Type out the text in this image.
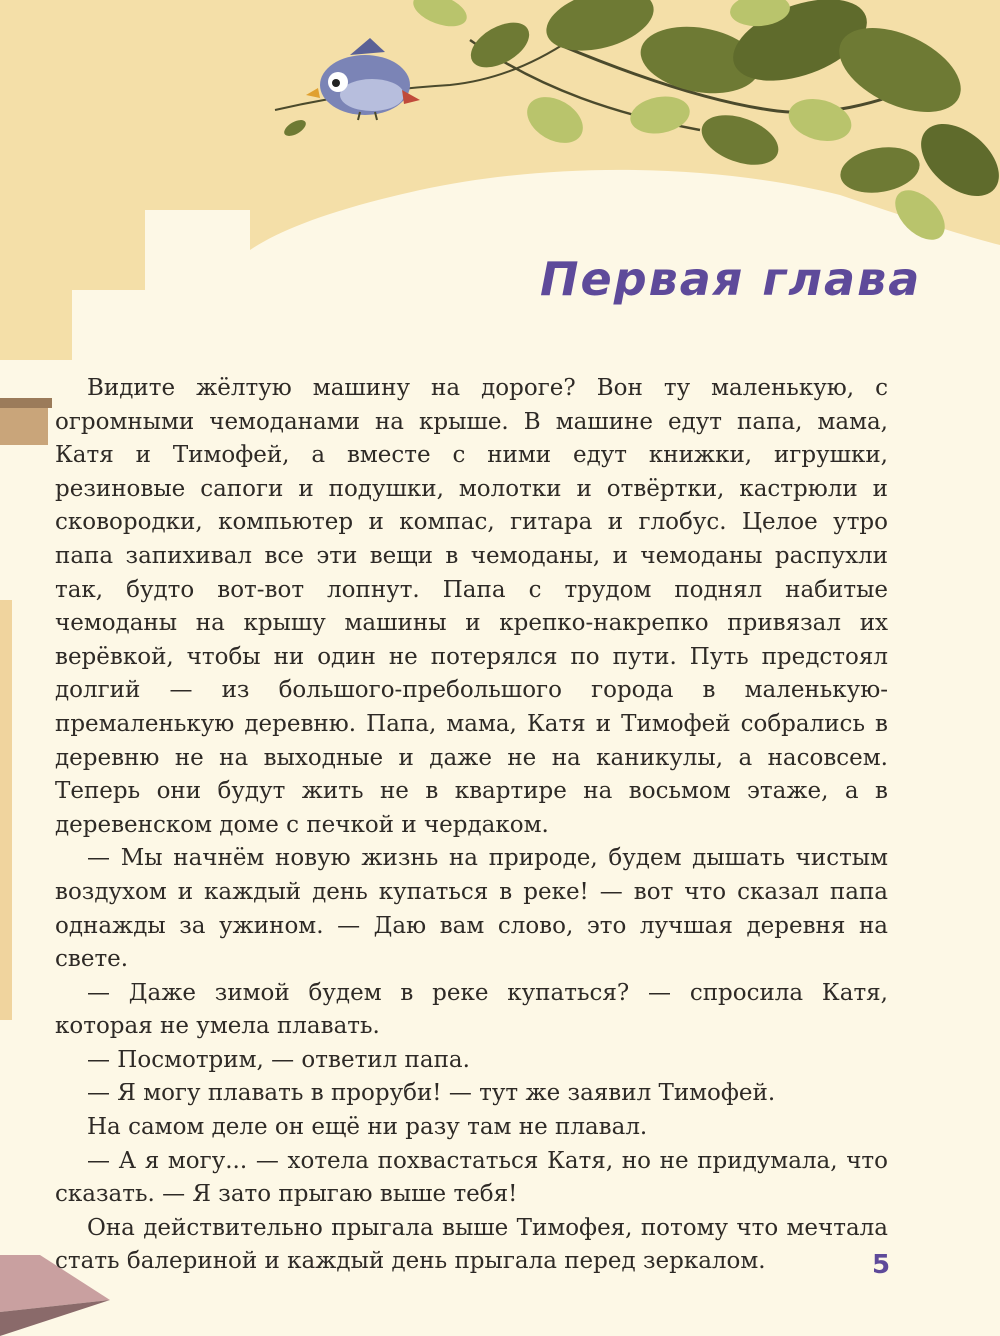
Первая глава

Видите жёлтую машину на дороге? Вон ту маленькую, с огромными чемоданами на крыше. В машине едут папа, мама, Катя и Тимофей, а вместе с ними едут книжки, игрушки, резиновые сапоги и подушки, молотки и отвёртки, кастрюли и сковородки, компьютер и компас, гитара и глобус. Целое утро папа запихивал все эти вещи в чемоданы, и чемоданы распухли так, будто вот-вот лопнут. Папа с трудом поднял набитые чемоданы на крышу машины и крепко-накрепко привязал их верёвкой, чтобы ни один не потерялся по пути. Путь предстоял долгий — из большого-пребольшого города в маленькую-премаленькую деревню. Папа, мама, Катя и Тимофей собрались в деревню не на выходные и даже не на каникулы, а насовсем. Теперь они будут жить не в квартире на восьмом этаже, а в деревенском доме с печкой и чердаком.

— Мы начнём новую жизнь на природе, будем дышать чистым воздухом и каждый день купаться в реке! — вот что сказал папа однажды за ужином. — Даю вам слово, это лучшая деревня на свете.

— Даже зимой будем в реке купаться? — спросила Катя, которая не умела плавать.

— Посмотрим, — ответил папа.

— Я могу плавать в проруби! — тут же заявил Тимофей.

На самом деле он ещё ни разу там не плавал.

— А я могу... — хотела похвастаться Катя, но не придумала, что сказать. — Я зато прыгаю выше тебя!

Она действительно прыгала выше Тимофея, потому что мечтала стать балериной и каждый день прыгала перед зеркалом.	5
